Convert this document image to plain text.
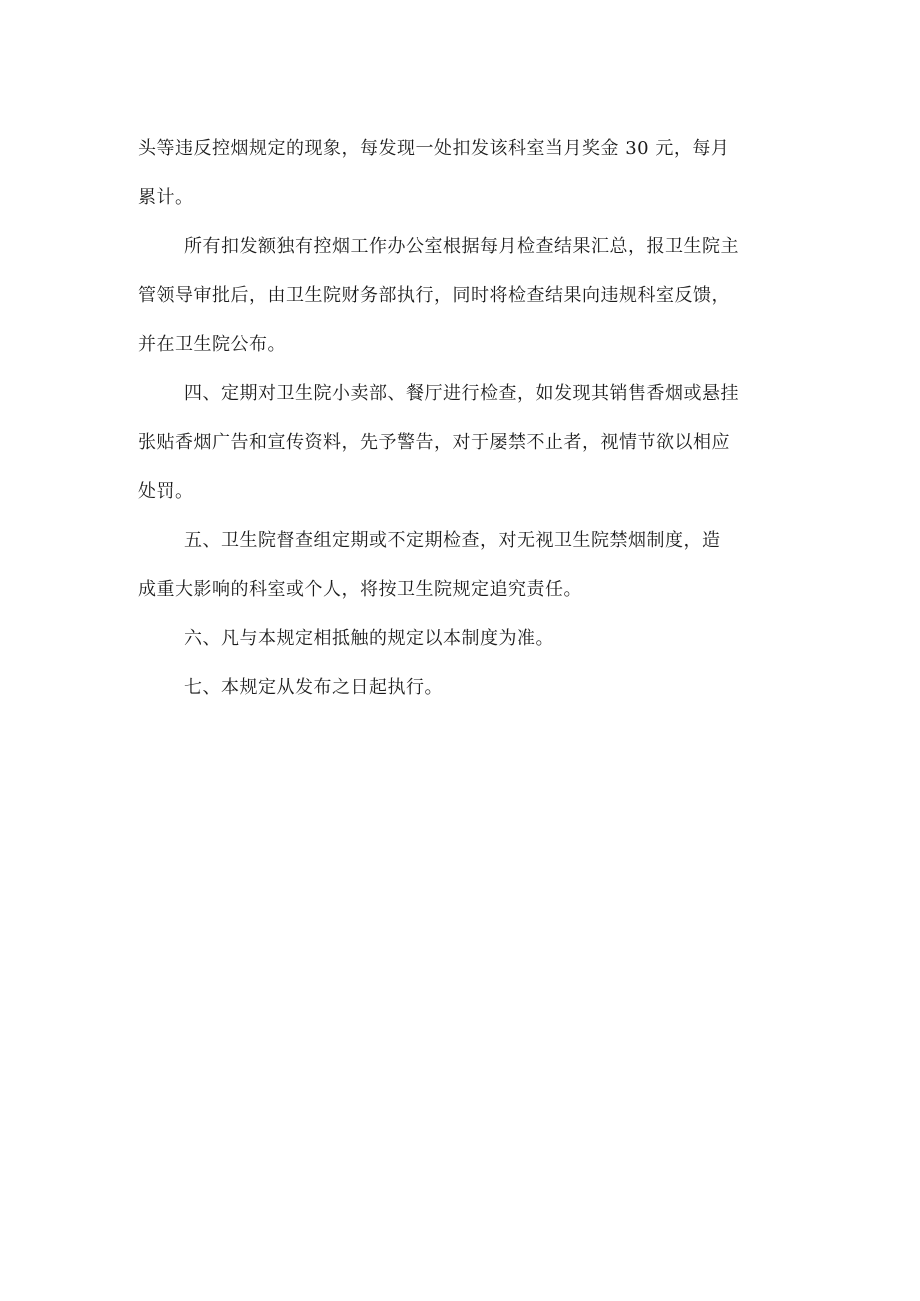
头等违反控烟规定的现象，每发现一处扣发该科室当月奖金 30 元，每月
累计。
所有扣发额独有控烟工作办公室根据每月检查结果汇总，报卫生院主
管领导审批后，由卫生院财务部执行，同时将检查结果向违规科室反馈，
并在卫生院公布。
四、定期对卫生院小卖部、餐厅进行检查，如发现其销售香烟或悬挂
张贴香烟广告和宣传资料，先予警告，对于屡禁不止者，视情节欲以相应
处罚。
五、卫生院督查组定期或不定期检查，对无视卫生院禁烟制度，造
成重大影响的科室或个人，将按卫生院规定追究责任。
六、凡与本规定相抵触的规定以本制度为准。
七、本规定从发布之日起执行。
